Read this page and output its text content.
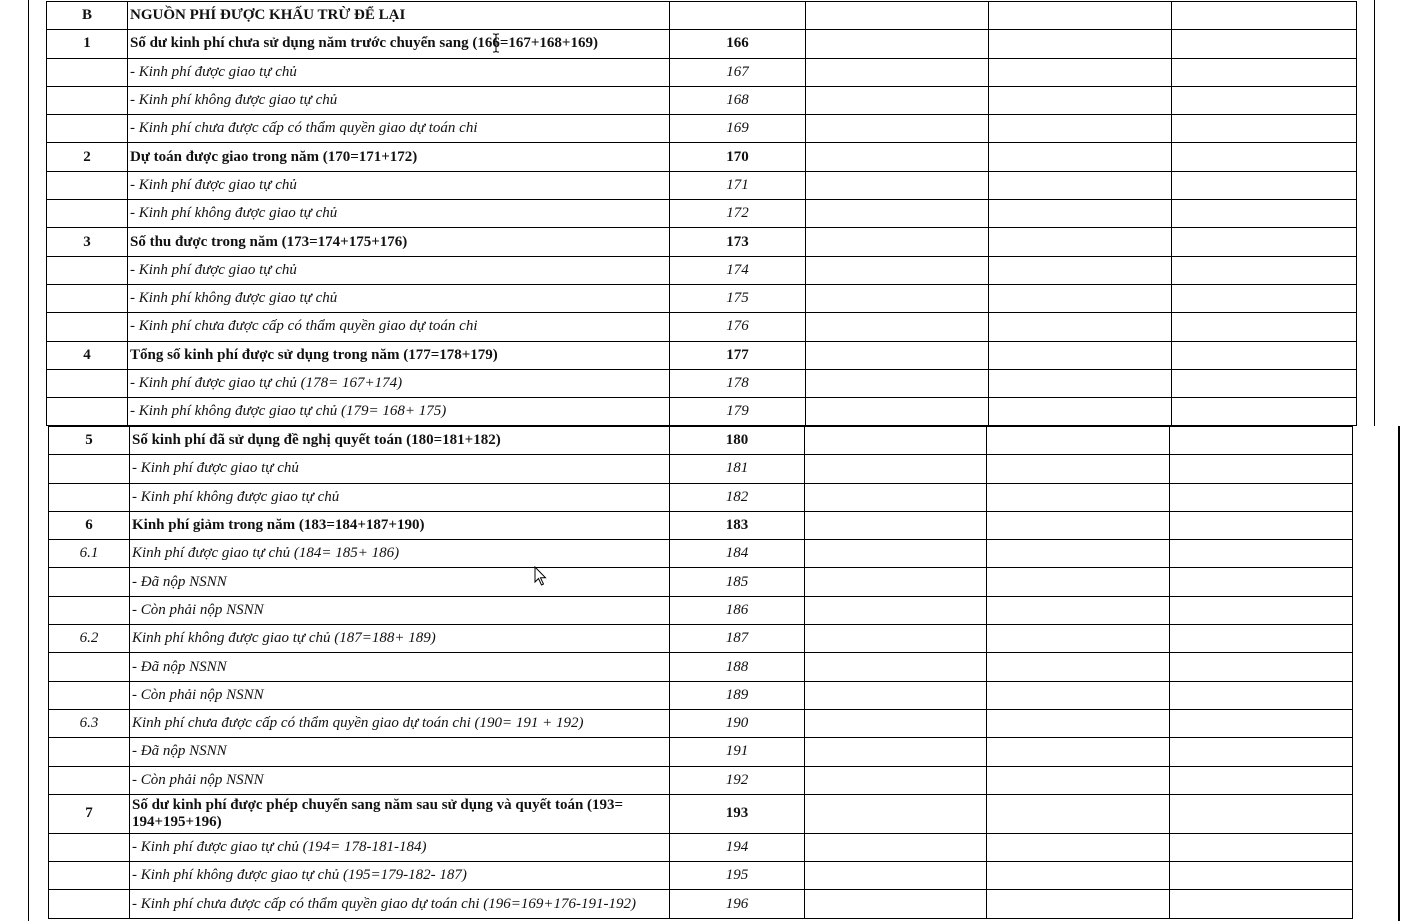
B	NGUỒN PHÍ ĐƯỢC KHẤU TRỪ ĐỂ LẠI				
1	Số dư kinh phí chưa sử dụng năm trước chuyển sang (166=167+168+169)	166			
	- Kinh phí được giao tự chủ	167			
	- Kinh phí không được giao tự chủ	168			
	- Kinh phí chưa được cấp có thẩm quyền giao dự toán chi	169			
2	Dự toán được giao trong năm (170=171+172)	170			
	- Kinh phí được giao tự chủ	171			
	- Kinh phí không được giao tự chủ	172			
3	Số thu được trong năm (173=174+175+176)	173			
	- Kinh phí được giao tự chủ	174			
	- Kinh phí không được giao tự chủ	175			
	- Kinh phí chưa được cấp có thẩm quyền giao dự toán chi	176			
4	Tổng số kinh phí được sử dụng trong năm (177=178+179)	177			
	- Kinh phí được giao tự chủ (178= 167+174)	178			
	- Kinh phí không được giao tự chủ (179= 168+ 175)	179			
5	Số kinh phí đã sử dụng đề nghị quyết toán (180=181+182)	180			
	- Kinh phí được giao tự chủ	181			
	- Kinh phí không được giao tự chủ	182			
6	Kinh phí giảm trong năm (183=184+187+190)	183			
6.1	Kinh phí được giao tự chủ (184= 185+ 186)	184			
	- Đã nộp NSNN	185			
	- Còn phải nộp NSNN	186			
6.2	Kinh phí không được giao tự chủ (187=188+ 189)	187			
	- Đã nộp NSNN	188			
	- Còn phải nộp NSNN	189			
6.3	Kinh phí chưa được cấp có thẩm quyền giao dự toán chi (190= 191 + 192)	190			
	- Đã nộp NSNN	191			
	- Còn phải nộp NSNN	192			
7	Số dư kinh phí được phép chuyển sang năm sau sử dụng và quyết toán (193= 194+195+196)	193			
	- Kinh phí được giao tự chủ (194= 178-181-184)	194			
	- Kinh phí không được giao tự chủ (195=179-182- 187)	195			
	- Kinh phí chưa được cấp có thẩm quyền giao dự toán chi (196=169+176-191-192)	196			
